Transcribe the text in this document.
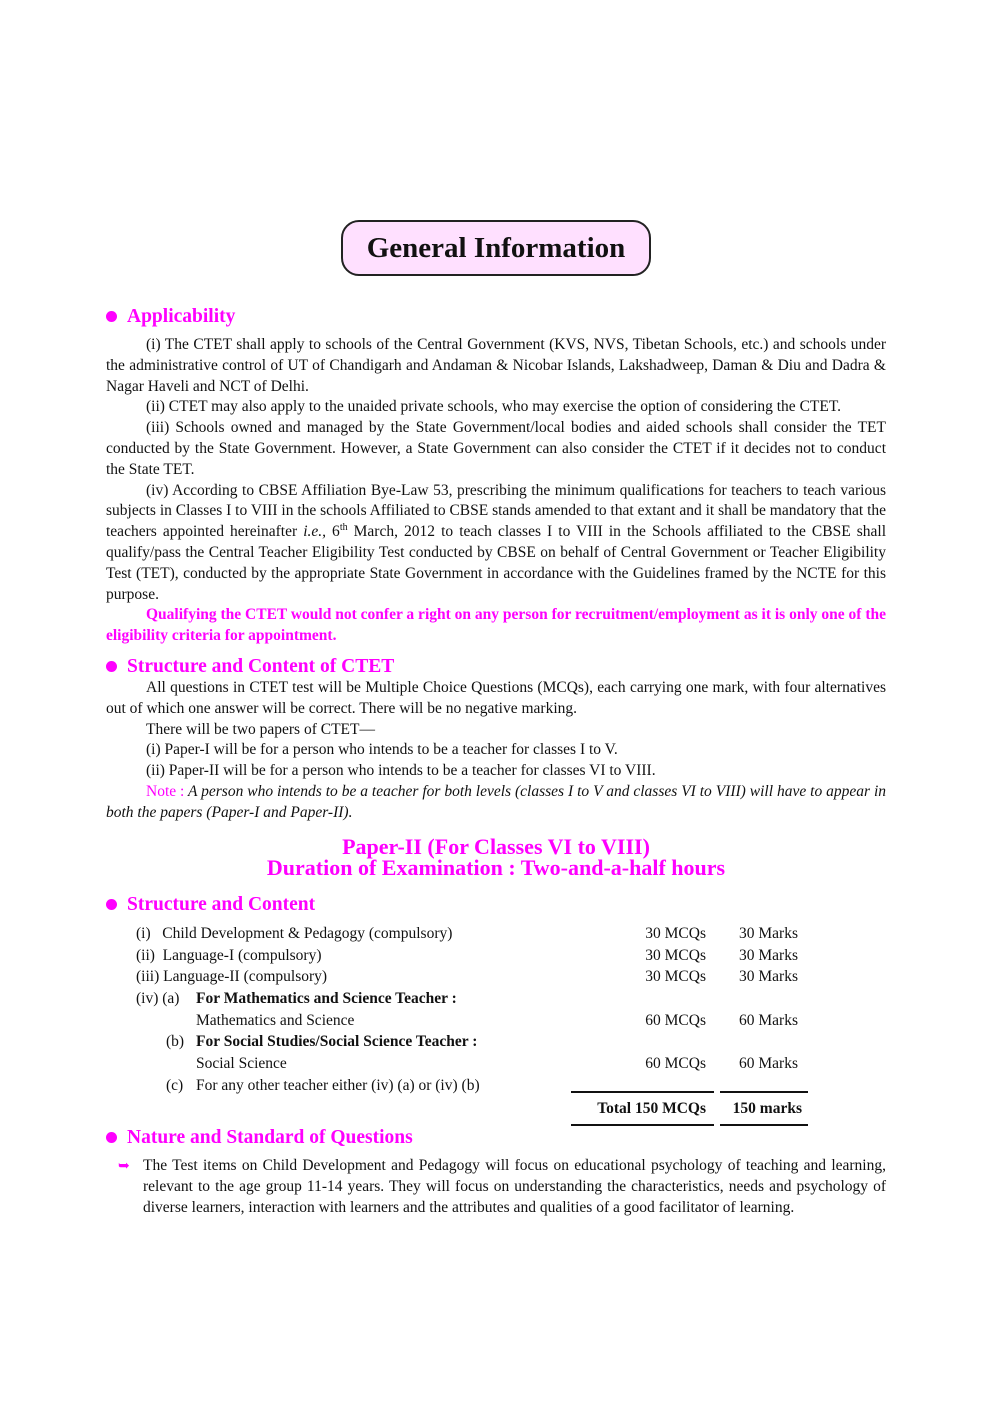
General Information
Applicability

(i) The CTET shall apply to schools of the Central Government (KVS, NVS, Tibetan Schools, etc.) and schools under the administrative control of UT of Chandigarh and Andaman & Nicobar Islands, Lakshadweep, Daman & Diu and Dadra & Nagar Haveli and NCT of Delhi.

(ii) CTET may also apply to the unaided private schools, who may exercise the option of considering the CTET.

(iii) Schools owned and managed by the State Government/local bodies and aided schools shall consider the TET conducted by the State Government. However, a State Government can also consider the CTET if it decides not to conduct the State TET.

(iv) According to CBSE Affiliation Bye-Law 53, prescribing the minimum qualifications for teachers to teach various subjects in Classes I to VIII in the schools Affiliated to CBSE stands amended to that extant and it shall be mandatory that the teachers appointed hereinafter i.e., 6th March, 2012 to teach classes I to VIII in the Schools affiliated to the CBSE shall qualify/pass the Central Teacher Eligibility Test conducted by CBSE on behalf of Central Government or Teacher Eligibility Test (TET), conducted by the appropriate State Government in accordance with the Guidelines framed by the NCTE for this purpose.

Qualifying the CTET would not confer a right on any person for recruitment/employment as it is only one of the eligibility criteria for appointment.

Structure and Content of CTET

All questions in CTET test will be Multiple Choice Questions (MCQs), each carrying one mark, with four alternatives out of which one answer will be correct. There will be no negative marking.

There will be two papers of CTET—

(i) Paper-I will be for a person who intends to be a teacher for classes I to V.

(ii) Paper-II will be for a person who intends to be a teacher for classes VI to VIII.

Note : A person who intends to be a teacher for both levels (classes I to V and classes VI to VIII) will have to appear in both the papers (Paper-I and Paper-II).

Paper-II (For Classes VI to VIII)
Duration of Examination : Two-and-a-half hours
Structure and Content
(i)   Child Development & Pedagogy (compulsory)	30 MCQs 30 Marks
(ii)  Language-I (compulsory)	30 MCQs 30 Marks
(iii) Language-II (compulsory)	30 MCQs 30 Marks
(iv) (a) For Mathematics and Science Teacher :
Mathematics and Science	60 MCQs 60 Marks
(b) For Social Studies/Social Science Teacher :
Social Science	60 MCQs 60 Marks
(c) For any other teacher either (iv) (a) or (iv) (b)
Total 150 MCQs	150 marks
Nature and Standard of Questions
➥ The Test items on Child Development and Pedagogy will focus on educational psychology of teaching and learning, relevant to the age group 11-14 years. They will focus on understanding the characteristics, needs and psychology of diverse learners, interaction with learners and the attributes and qualities of a good facilitator of learning.
